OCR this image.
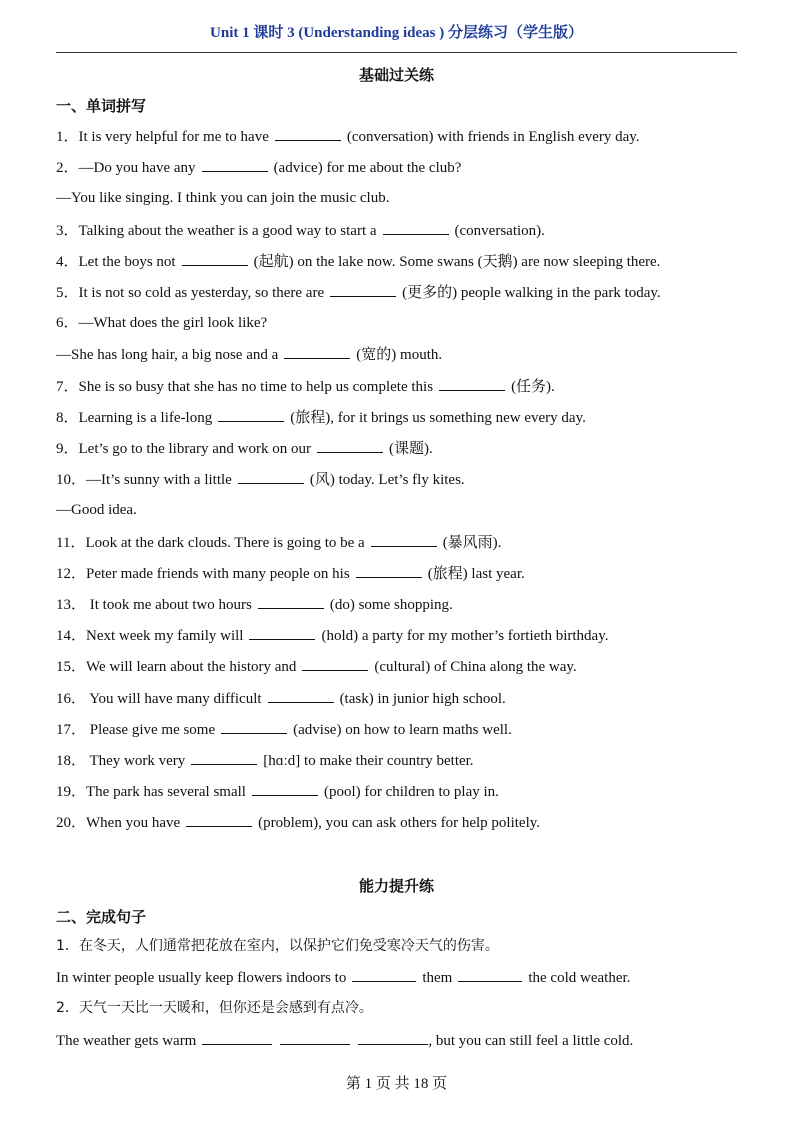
Unit 1 课时 3 (Understanding ideas ) 分层练习（学生版）
基础过关练
一、单词拼写
1．It is very helpful for me to have	(conversation) with friends in English every day.
2．—Do you have any	(advice) for me about the club?
—You like singing. I think you can join the music club.
3．Talking about the weather is a good way to start a	(conversation).
4．Let the boys not	(起航) on the lake now. Some swans (天鹅) are now sleeping there.
5．It is not so cold as yesterday, so there are	(更多的) people walking in the park today.
6．—What does the girl look like?
—She has long hair, a big nose and a	(宽的) mouth.
7．She is so busy that she has no time to help us complete this	(任务).
8．Learning is a life-long	(旅程), for it brings us something new every day.
9．Let’s go to the library and work on our	(课题).
10．—It’s sunny with a little	(风) today. Let’s fly kites.
—Good idea.
11．Look at the dark clouds. There is going to be a	(暴风雨).
12．Peter made friends with many people on his	(旅程) last year.
13． It took me about two hours	(do) some shopping.
14．Next week my family will	(hold) a party for my mother’s fortieth birthday.
15．We will learn about the history and	(cultural) of China along the way.
16． You will have many difficult	(task) in junior high school.
17． Please give me some	(advise) on how to learn maths well.
18． They work very	[hɑːd] to make their country better.
19．The park has several small	(pool) for children to play in.
20．When you have	(problem), you can ask others for help politely.
能力提升练
二、完成句子
1．在冬天，人们通常把花放在室内，以保护它们免受寒冷天气的伤害。
In winter people usually keep flowers indoors to	them	the cold weather.
2．天气一天比一天暖和，但你还是会感到有点冷。
The weather gets warm	, but you can still feel a little cold.
第 1 页 共 18 页
